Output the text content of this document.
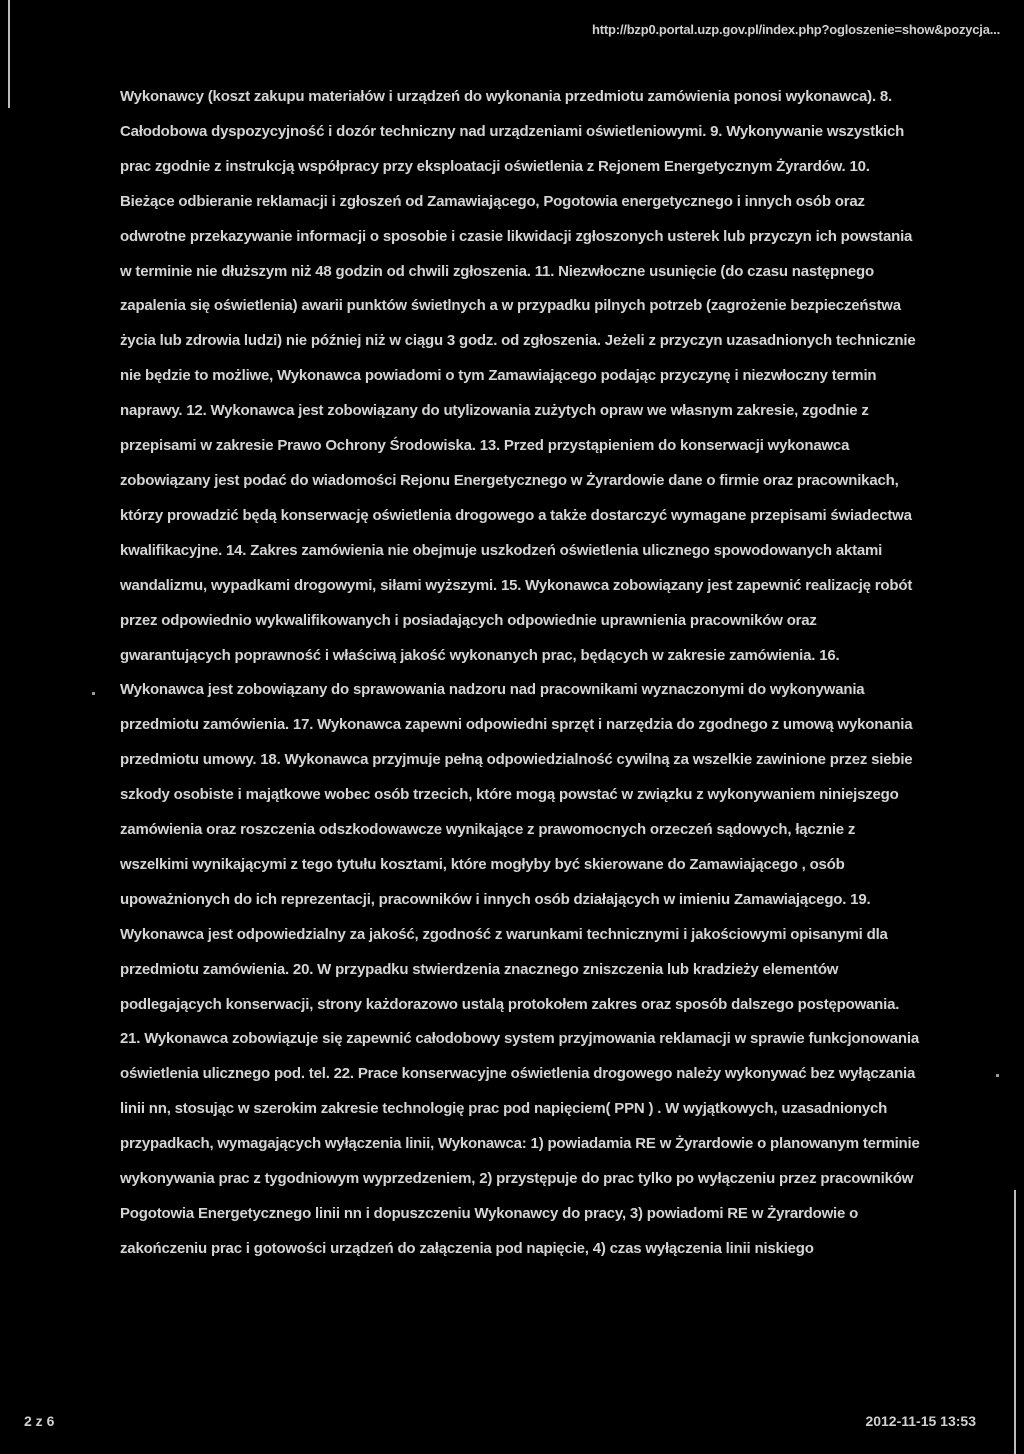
http://bzp0.portal.uzp.gov.pl/index.php?ogloszenie=show&pozycja...

Wykonawcy (koszt zakupu materiałów i urządzeń do wykonania przedmiotu zamówienia ponosi wykonawca). 8. Całodobowa dyspozycyjność i dozór techniczny nad urządzeniami oświetleniowymi. 9. Wykonywanie wszystkich prac zgodnie z instrukcją współpracy przy eksploatacji oświetlenia z Rejonem Energetycznym Żyrardów. 10. Bieżące odbieranie reklamacji i zgłoszeń od Zamawiającego, Pogotowia energetycznego i innych osób oraz odwrotne przekazywanie informacji o sposobie i czasie likwidacji zgłoszonych usterek lub przyczyn ich powstania w terminie nie dłuższym niż 48 godzin od chwili zgłoszenia. 11. Niezwłoczne usunięcie (do czasu następnego zapalenia się oświetlenia) awarii punktów świetlnych a w przypadku pilnych potrzeb (zagrożenie bezpieczeństwa życia lub zdrowia ludzi) nie później niż w ciągu 3 godz. od zgłoszenia. Jeżeli z przyczyn uzasadnionych technicznie nie będzie to możliwe, Wykonawca powiadomi o tym Zamawiającego podając przyczynę i niezwłoczny termin naprawy. 12. Wykonawca jest zobowiązany do utylizowania zużytych opraw we własnym zakresie, zgodnie z przepisami w zakresie Prawo Ochrony Środowiska. 13. Przed przystąpieniem do konserwacji wykonawca zobowiązany jest podać do wiadomości Rejonu Energetycznego w Żyrardowie dane o firmie oraz pracownikach, którzy prowadzić będą konserwację oświetlenia drogowego a także dostarczyć wymagane przepisami świadectwa kwalifikacyjne. 14. Zakres zamówienia nie obejmuje uszkodzeń oświetlenia ulicznego spowodowanych aktami wandalizmu, wypadkami drogowymi, siłami wyższymi. 15. Wykonawca zobowiązany jest zapewnić realizację robót przez odpowiednio wykwalifikowanych i posiadających odpowiednie uprawnienia pracowników oraz gwarantujących poprawność i właściwą jakość wykonanych prac, będących w zakresie zamówienia. 16. Wykonawca jest zobowiązany do sprawowania nadzoru nad pracownikami wyznaczonymi do wykonywania przedmiotu zamówienia. 17. Wykonawca zapewni odpowiedni sprzęt i narzędzia do zgodnego z umową wykonania przedmiotu umowy. 18. Wykonawca przyjmuje pełną odpowiedzialność cywilną za wszelkie zawinione przez siebie szkody osobiste i majątkowe wobec osób trzecich, które mogą powstać w związku z wykonywaniem niniejszego zamówienia oraz roszczenia odszkodowawcze wynikające z prawomocnych orzeczeń sądowych, łącznie z wszelkimi wynikającymi z tego tytułu kosztami, które mogłyby być skierowane do Zamawiającego , osób upoważnionych do ich reprezentacji, pracowników i innych osób działających w imieniu Zamawiającego. 19. Wykonawca jest odpowiedzialny za jakość, zgodność z warunkami technicznymi i jakościowymi opisanymi dla przedmiotu zamówienia. 20. W przypadku stwierdzenia znacznego zniszczenia lub kradzieży elementów podlegających konserwacji, strony każdorazowo ustalą protokołem zakres oraz sposób dalszego postępowania. 21. Wykonawca zobowiązuje się zapewnić całodobowy system przyjmowania reklamacji w sprawie funkcjonowania oświetlenia ulicznego pod. tel. 22. Prace konserwacyjne oświetlenia drogowego należy wykonywać bez wyłączania linii nn, stosując w szerokim zakresie technologię prac pod napięciem( PPN ) . W wyjątkowych, uzasadnionych przypadkach, wymagających wyłączenia linii, Wykonawca: 1) powiadamia RE w Żyrardowie o planowanym terminie wykonywania prac z tygodniowym wyprzedzeniem, 2) przystępuje do prac tylko po wyłączeniu przez pracowników Pogotowia Energetycznego linii nn i dopuszczeniu Wykonawcy do pracy, 3) powiadomi RE w Żyrardowie o zakończeniu prac i gotowości urządzeń do załączenia pod napięcie, 4) czas wyłączenia linii niskiego

2 z 6	2012-11-15 13:53
